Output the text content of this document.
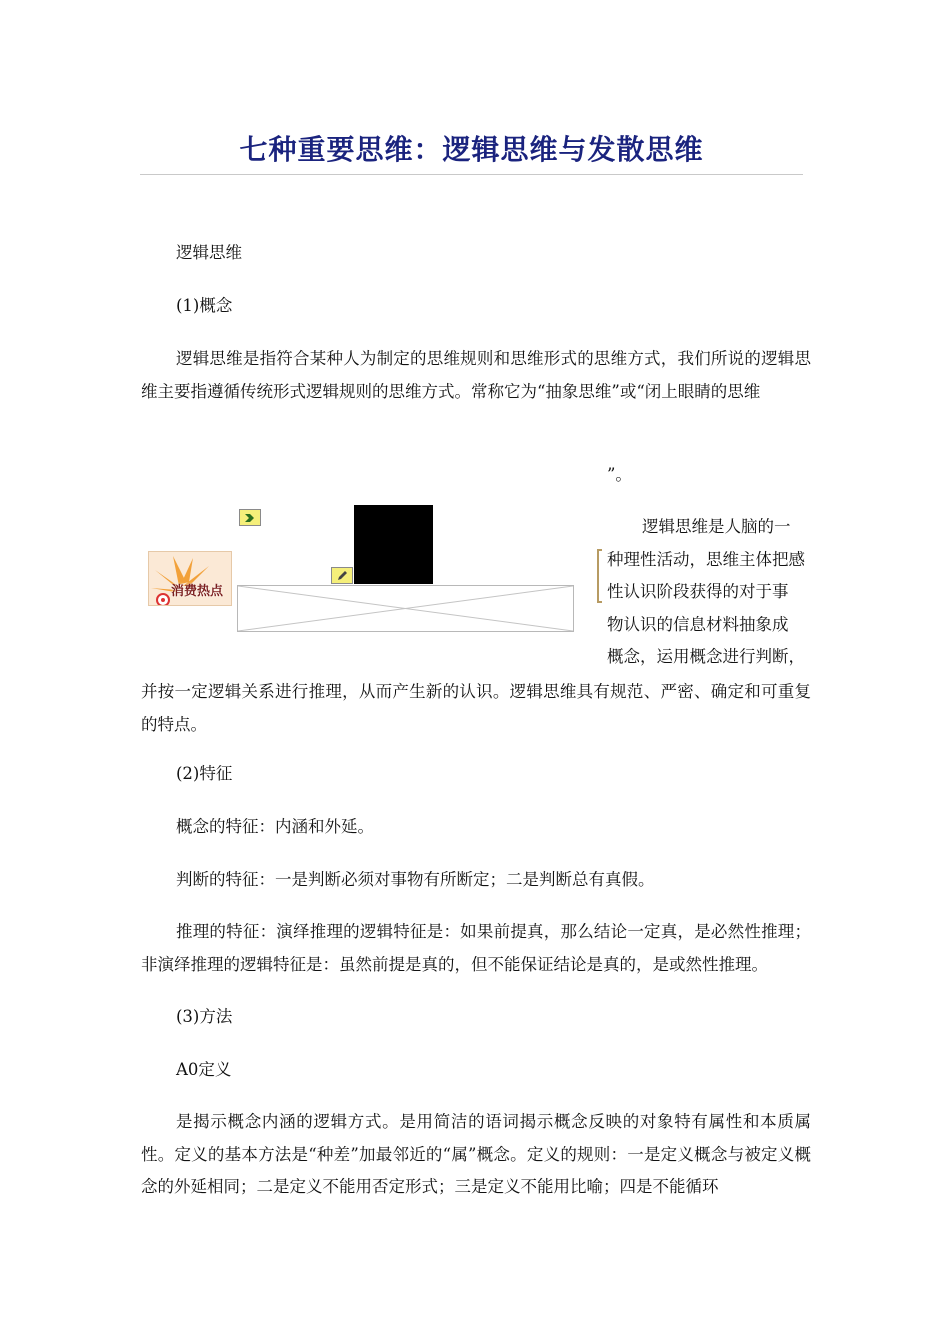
七种重要思维：逻辑思维与发散思维

逻辑思维

(1)概念

逻辑思维是指符合某种人为制定的思维规则和思维形式的思维方式，我们所说的逻辑思维主要指遵循传统形式逻辑规则的思维方式。常称它为“抽象思维”或“闭上眼睛的思维

”。
消费热点
逻辑思维是人脑的一
种理性活动，思维主体把感
性认识阶段获得的对于事
物认识的信息材料抽象成
概念，运用概念进行判断，

并按一定逻辑关系进行推理，从而产生新的认识。逻辑思维具有规范、严密、确定和可重复的特点。

(2)特征

概念的特征：内涵和外延。

判断的特征：一是判断必须对事物有所断定；二是判断总有真假。

推理的特征：演绎推理的逻辑特征是：如果前提真，那么结论一定真，是必然性推理；非演绎推理的逻辑特征是：虽然前提是真的，但不能保证结论是真的，是或然性推理。

(3)方法

A0定义

是揭示概念内涵的逻辑方式。是用简洁的语词揭示概念反映的对象特有属性和本质属性。定义的基本方法是“种差”加最邻近的“属”概念。定义的规则：一是定义概念与被定义概念的外延相同；二是定义不能用否定形式；三是定义不能用比喻；四是不能循环
